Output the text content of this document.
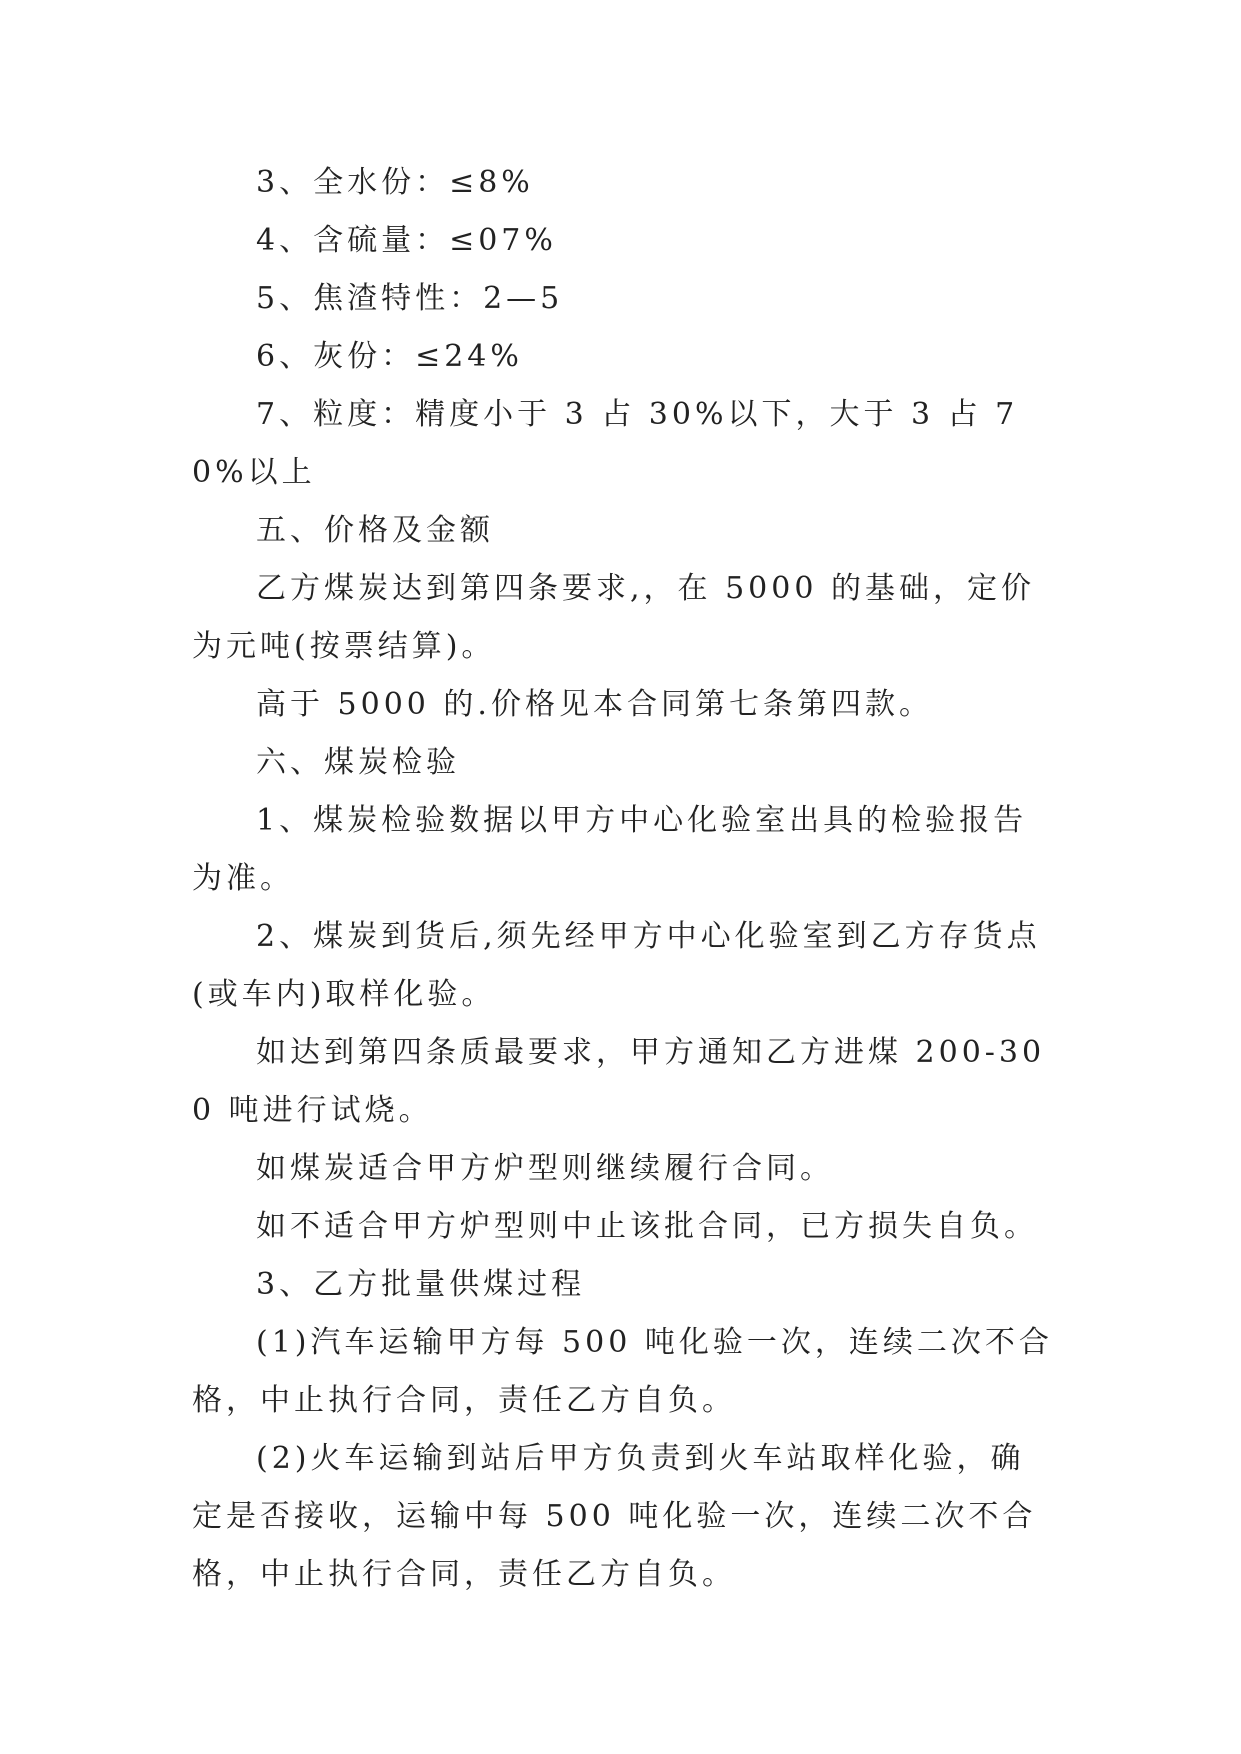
3、全水份：≤8%

4、含硫量：≤07%

5、焦渣特性：2—5

6、灰份：≤24%

7、粒度：精度小于 3 占 30%以下，大于 3 占 70%以上

五、价格及金额

乙方煤炭达到第四条要求,，在 5000 的基础，定价为元吨(按票结算)。

高于 5000 的.价格见本合同第七条第四款。

六、煤炭检验

1、煤炭检验数据以甲方中心化验室出具的检验报告为准。

2、煤炭到货后,须先经甲方中心化验室到乙方存货点(或车内)取样化验。

如达到第四条质最要求，甲方通知乙方进煤 200-300 吨进行试烧。

如煤炭适合甲方炉型则继续履行合同。

如不适合甲方炉型则中止该批合同，已方损失自负。

3、乙方批量供煤过程

(1)汽车运输甲方每 500 吨化验一次，连续二次不合格，中止执行合同，责任乙方自负。

(2)火车运输到站后甲方负责到火车站取样化验，确定是否接收，运输中每 500 吨化验一次，连续二次不合格，中止执行合同，责任乙方自负。
